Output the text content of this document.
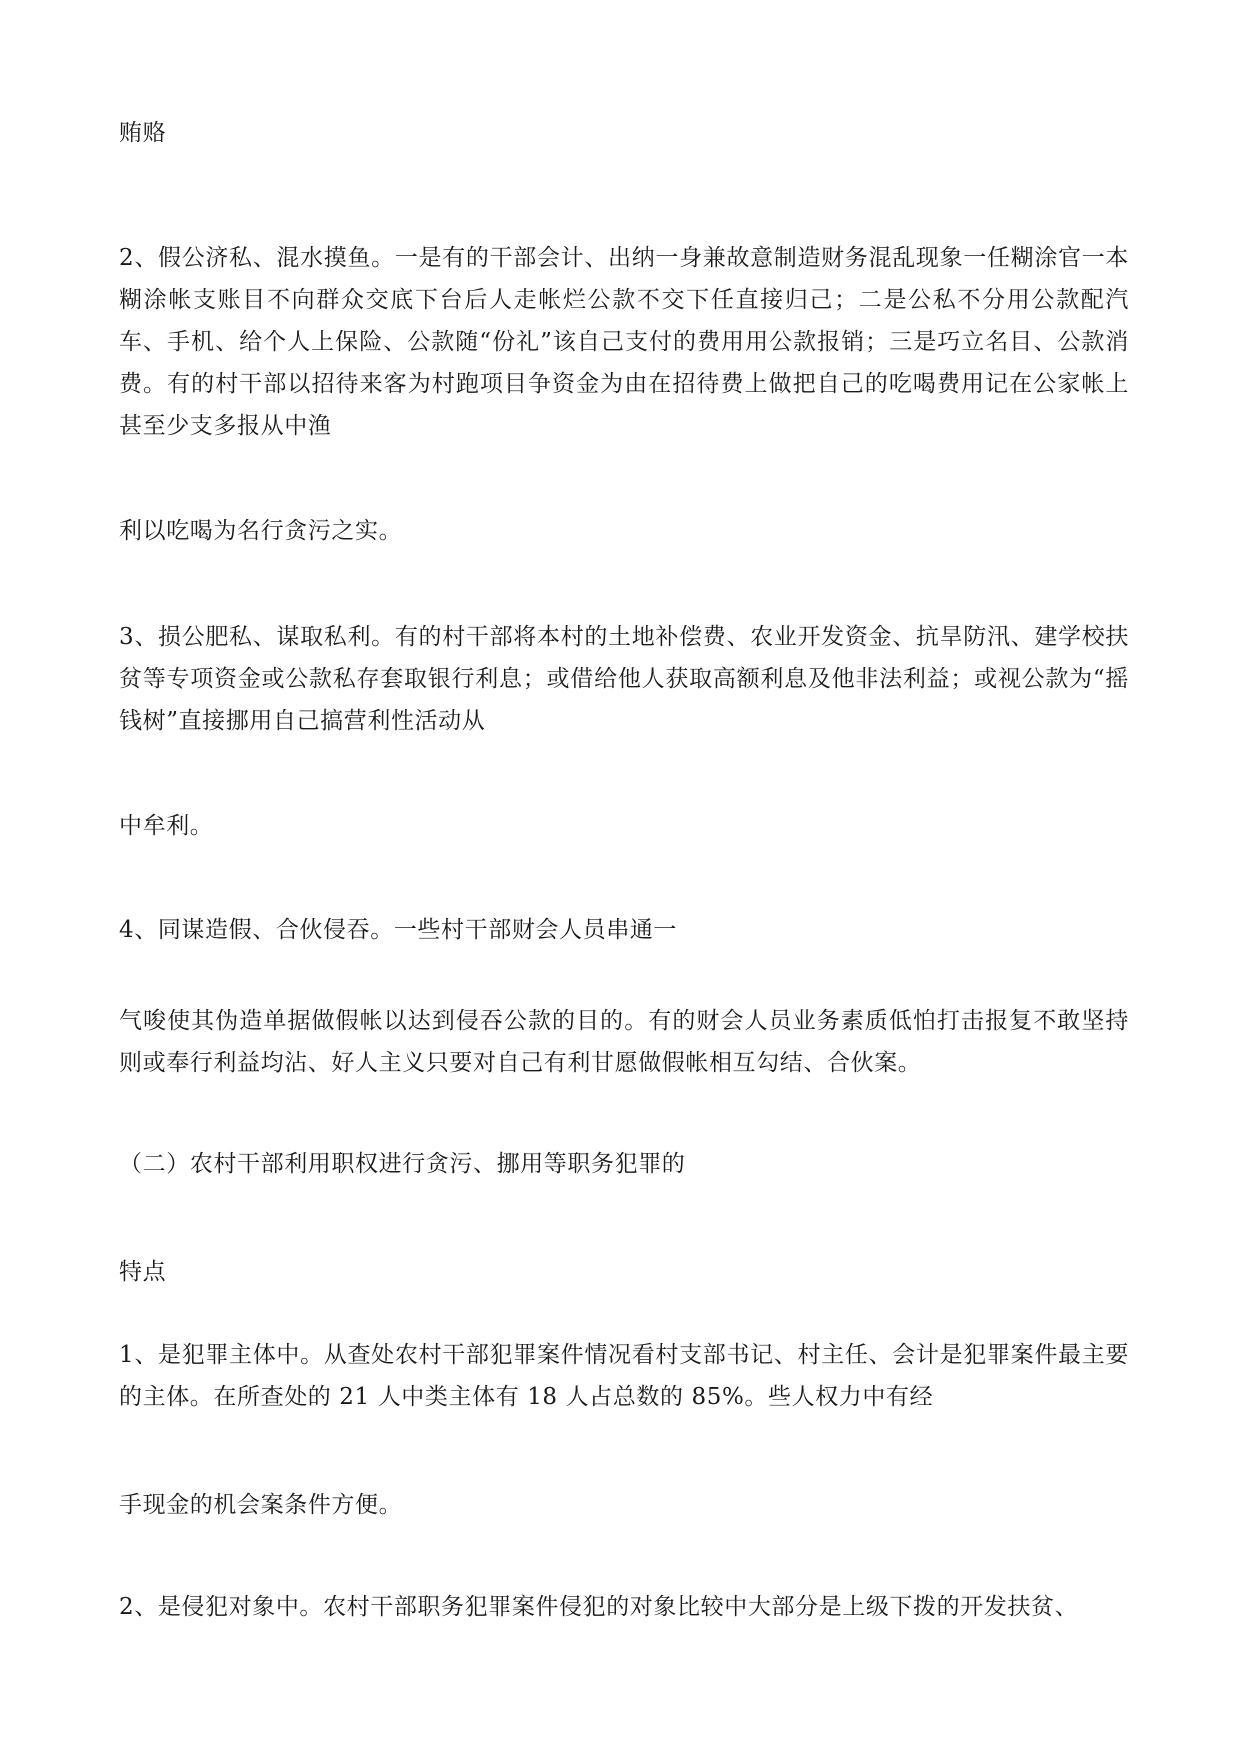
贿赂

2、假公济私、混水摸鱼。一是有的干部会计、出纳一身兼故意制造财务混乱现象一任糊涂官一本糊涂帐支账目不向群众交底下台后人走帐烂公款不交下任直接归己；二是公私不分用公款配汽车、手机、给个人上保险、公款随“份礼”该自己支付的费用用公款报销；三是巧立名目、公款消费。有的村干部以招待来客为村跑项目争资金为由在招待费上做把自己的吃喝费用记在公家帐上甚至少支多报从中渔

利以吃喝为名行贪污之实。

3、损公肥私、谋取私利。有的村干部将本村的土地补偿费、农业开发资金、抗旱防汛、建学校扶贫等专项资金或公款私存套取银行利息；或借给他人获取高额利息及他非法利益；或视公款为“摇钱树”直接挪用自己搞营利性活动从

中牟利。

4、同谋造假、合伙侵吞。一些村干部财会人员串通一

气唆使其伪造单据做假帐以达到侵吞公款的目的。有的财会人员业务素质低怕打击报复不敢坚持则或奉行利益均沾、好人主义只要对自己有利甘愿做假帐相互勾结、合伙案。

（二）农村干部利用职权进行贪污、挪用等职务犯罪的

特点

1、是犯罪主体中。从查处农村干部犯罪案件情况看村支部书记、村主任、会计是犯罪案件最主要的主体。在所查处的 21 人中类主体有 18 人占总数的 85%。些人权力中有经

手现金的机会案条件方便。

2、是侵犯对象中。农村干部职务犯罪案件侵犯的对象比较中大部分是上级下拨的开发扶贫、
